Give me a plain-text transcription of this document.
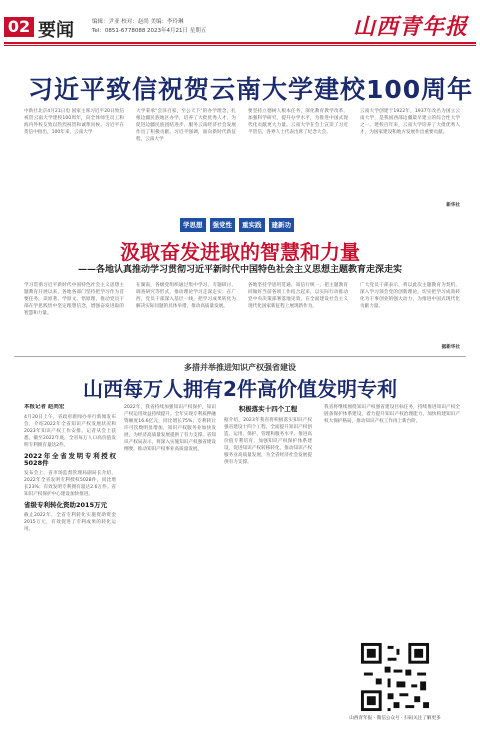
02 要闻	编辑：尹亚 校对：赵尚 美编：李玲琳
Tel：0851-6778088 2023年4月21日 星期五	山西青年报
习近平致信祝贺云南大学建校100周年
中新社北京4月21日电 国家主席习近平20日致信祝贺云南大学建校100周年，向全体师生员工和海内外校友致以热烈祝贺和诚挚问候。习近平在贺信中指出，100年来，云南大学
大学秉承"会泽百家，至公天下"的办学理念，扎根边疆民族地区办学，培养了大批优秀人才，为促进边疆民族团结进步、服务云南经济社会发展作出了积极贡献。习近平强调，面向新时代新征程，云南大学
要坚持立德树人根本任务，深化教育教学改革，加强科学研究，提升办学水平，为推进中国式现代化贡献更大力量。云南大学在会上宣读了习近平贺信，各界人士代表出席了纪念大会。
云南大学创建于1922年，1937年改名为国立云南大学，是我国西部边疆最早建立的综合性大学之一。建校百年来，云南大学培养了大批优秀人才，为国家建设和地方发展作出重要贡献。
新华社
学思想	强党性	重实践	建新功
汲取奋发进取的智慧和力量
——各地认真推动学习贯彻习近平新时代中国特色社会主义思想主题教育走深走实
学习贯彻习近平新时代中国特色社会主义思想主题教育开展以来，各地各部门坚持把学习作为首要任务，读原著、学原文、悟原理，推动党员干部在学思践悟中坚定理想信念，增强奋发进取的智慧和力量。
在湖南，各级党组织通过集中学习、专题研讨、调查研究等形式，推动理论学习走深走实；在广西，党员干部深入基层一线，把学习成果转化为解决实际问题的具体举措，推动高质量发展。
各地坚持学思用贯通、知信行统一，把主题教育同做好当前各项工作结合起来，以实际行动推动党中央决策部署落地见效，在全面建设社会主义现代化国家新征程上展现新作为。
广大党员干部表示，将以此次主题教育为契机，深入学习领会党的创新理论，切实把学习成效转化为干事创业的强大动力，为推进中国式现代化贡献力量。
据新华社
多措并举推进知识产权强省建设
山西每万人拥有2件高价值发明专利
本报记者 赵尚宏
4月20日上午，省政府新闻办举行新闻发布会，介绍2022年全省知识产权发展状况和2023年知识产权工作安排。记者从会上获悉，截至2022年底，全省每万人口高价值发明专利拥有量达2件。
2022年全省发明专利授权5028件
发布会上，省市场监督管理局副局长介绍，2022年全省发明专利授权5028件，同比增长23%；有效发明专利拥有量达2.6万件。省知识产权保护中心建设加快推进。
省级专利转化资助2015万元
截止2022年，全省专利转化实施资助资金2015万元，有效促进了专利成果的转化运用。
2022年，我省持续加强知识产权保护，知识产权运用效益持续提升。全年实现专利质押融资额度16.6亿元，同比增长75%；专利转让许可次数明显增加，知识产权服务业加快发展，为经济高质量发展提供了有力支撑。省知识产权局表示，将深入实施知识产权强省建设纲要，推动知识产权事业高质量发展。
积极落实十四个工程
据介绍，2023年我省将积极落实知识产权强省建设十四个工程，全面提升知识产权创造、运用、保护、管理和服务水平。推进高价值专利培育，加强知识产权保护体系建设，促进知识产权转移转化，推动知识产权服务业高质量发展，为全省经济社会发展提供有力支撑。
我省将继续围绕知识产权强省建设目标任务，持续推进知识产权全链条保护体系建设，着力提升知识产权治理能力，加快构建知识产权大保护格局，推动知识产权工作再上新台阶。
山西青年报 · 微信公众号 · 扫码关注了解更多
